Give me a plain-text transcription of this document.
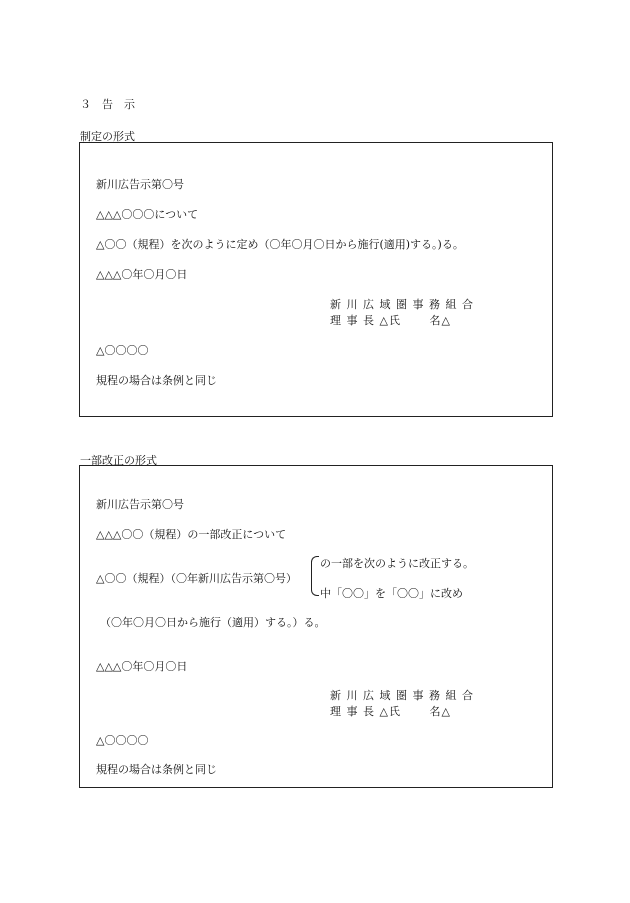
３　告　示
制定の形式
新川広告示第〇号
△△△〇〇〇について
△〇〇（規程）を次のように定め（〇年〇月〇日から施行(適用)する。)る。
△△△〇年〇月〇日
新 川 広 域 圏 事 務 組 合
理 事 長 △氏　　 名△
△〇〇〇〇
規程の場合は条例と同じ
一部改正の形式
新川広告示第〇号
△△△〇〇（規程）の一部改正について
△〇〇（規程）（〇年新川広告示第〇号）
の一部を次のように改正する。
中「〇〇」を「〇〇」に改め
（〇年〇月〇日から施行（適用）する。）る。
△△△〇年〇月〇日
新 川 広 域 圏 事 務 組 合
理 事 長 △氏　　 名△
△〇〇〇〇
規程の場合は条例と同じ
